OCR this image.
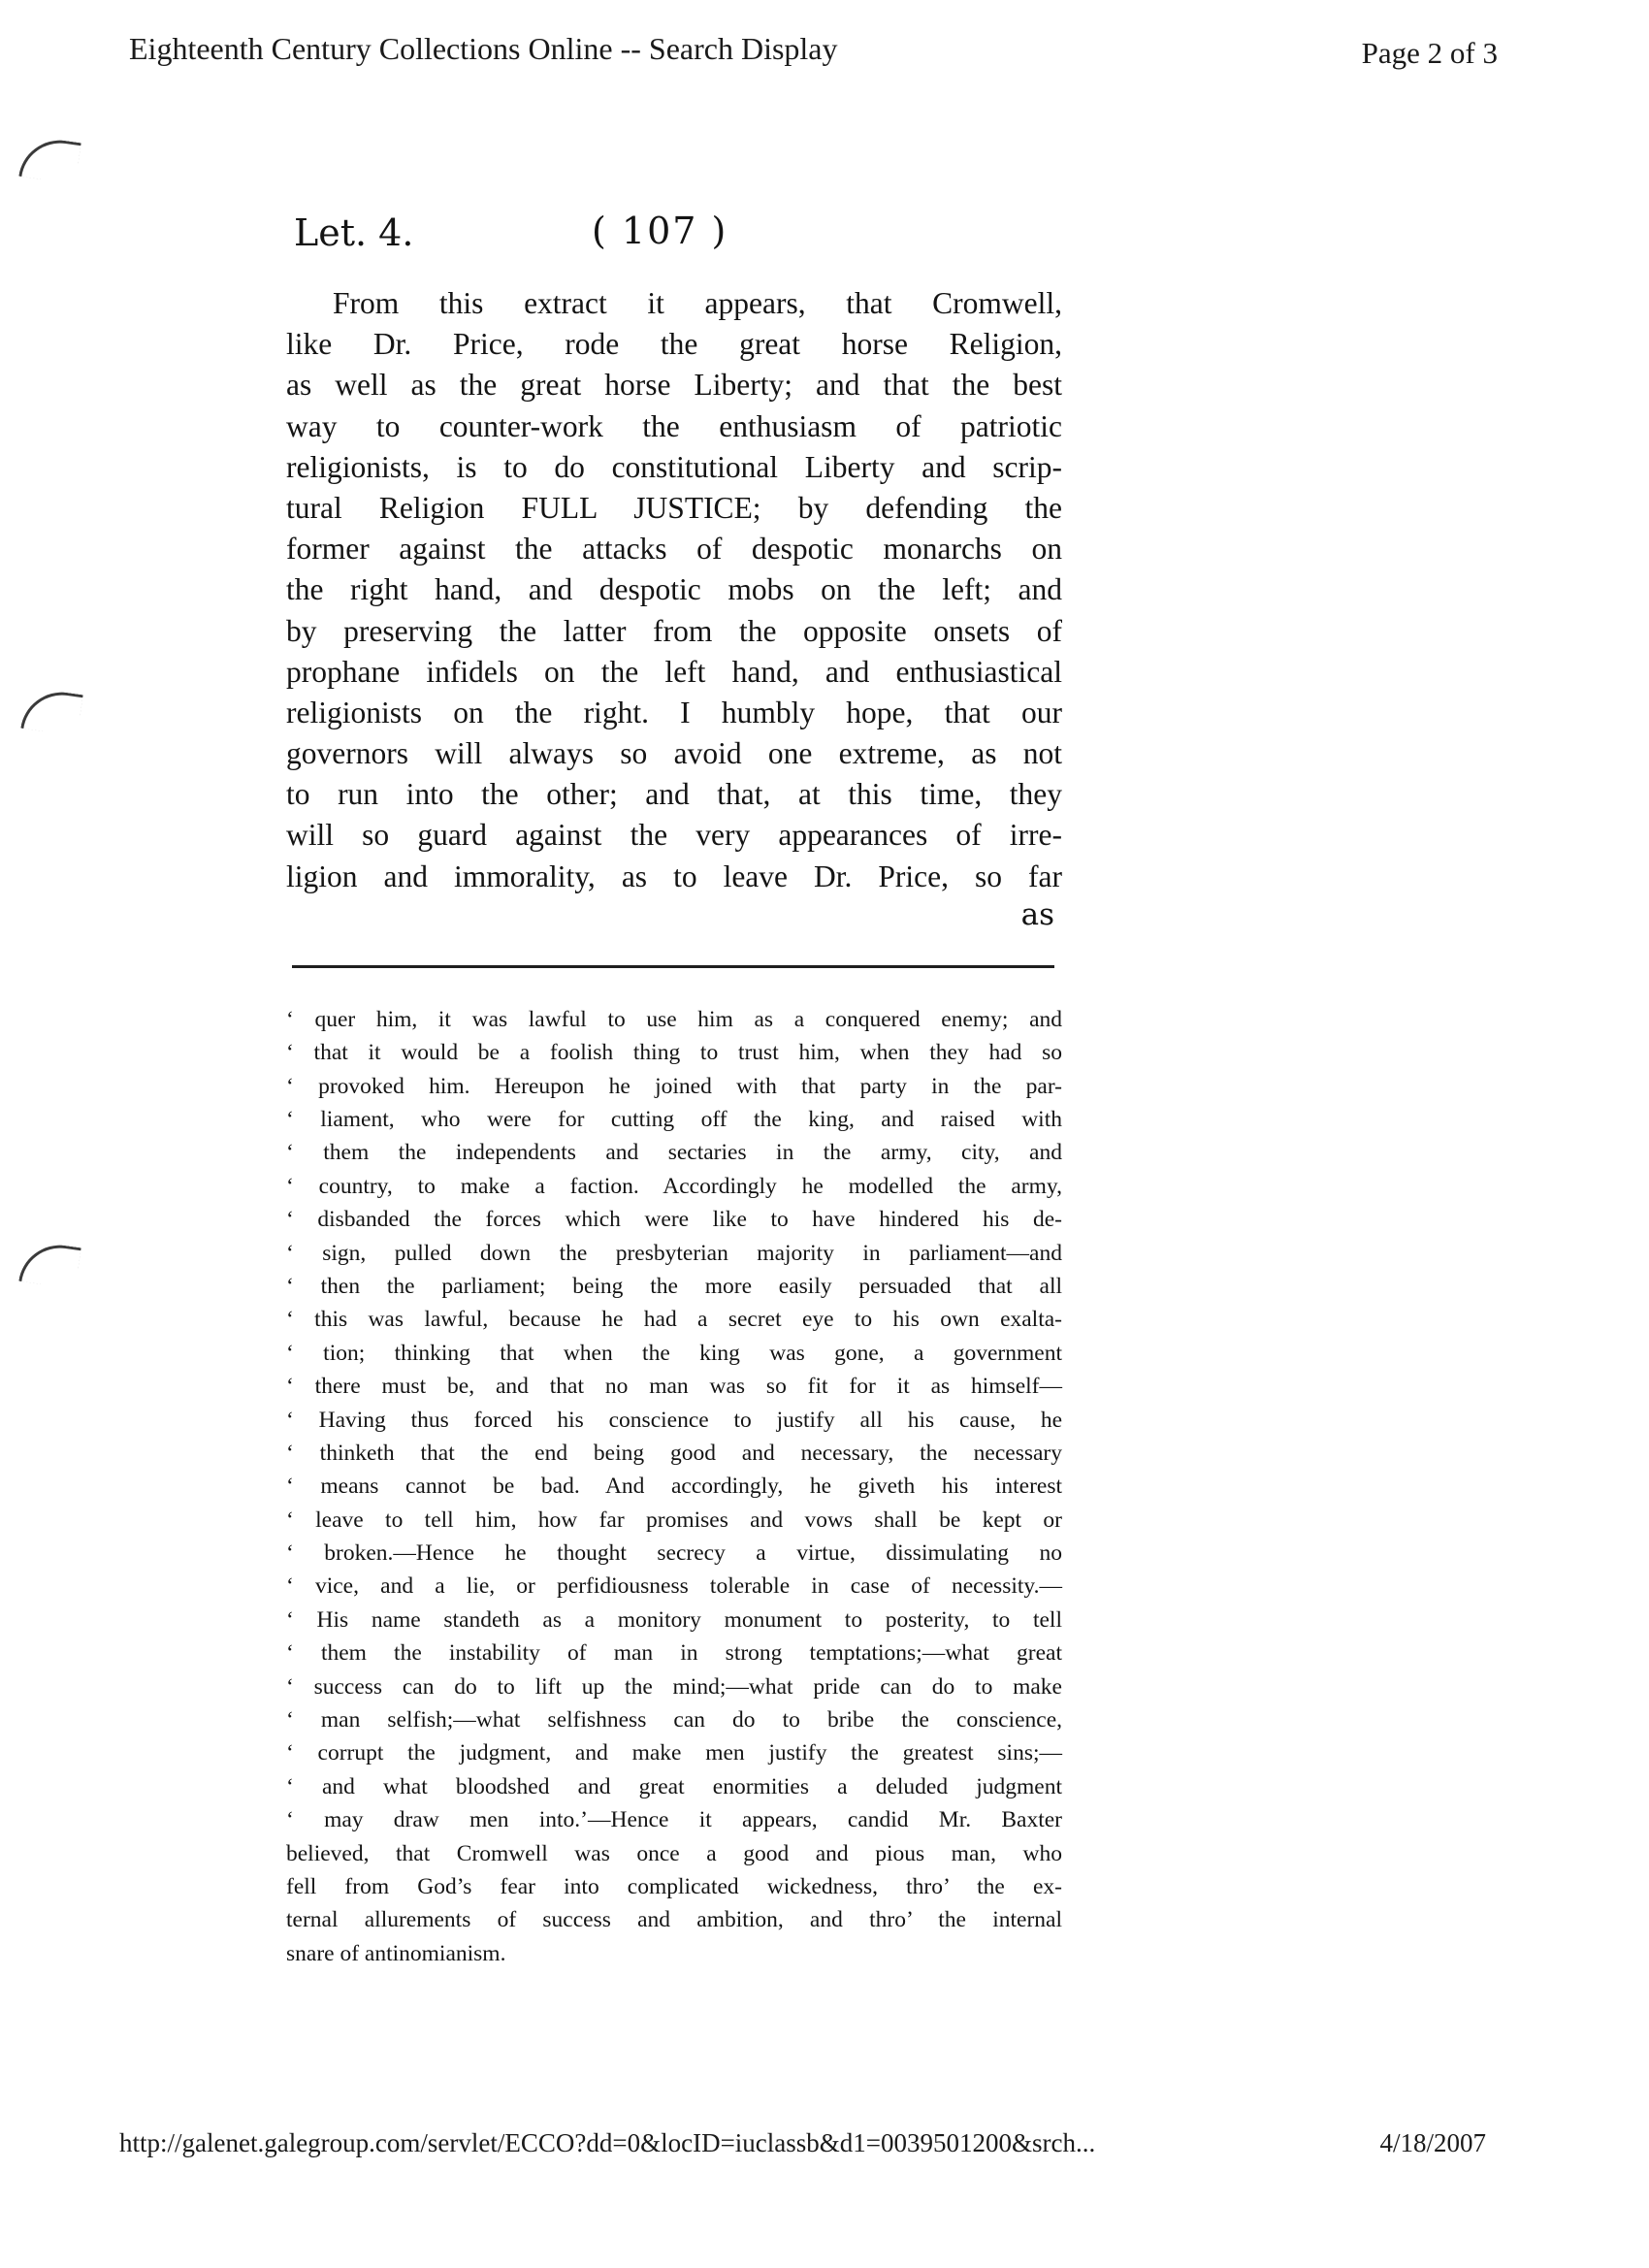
Eighteenth Century Collections Online -- Search Display	Page 2 of 3
Let. 4.	( 107 )
From this extract it appears, that Cromwell,
like Dr. Price, rode the great horse Religion,
as well as the great horse Liberty; and that the best
way to counter-work the enthusiasm of patriotic
religionists, is to do constitutional Liberty and scrip-
tural Religion FULL JUSTICE; by defending the
former against the attacks of despotic monarchs on
the right hand, and despotic mobs on the left; and
by preserving the latter from the opposite onsets of
prophane infidels on the left hand, and enthusiastical
religionists on the right. I humbly hope, that our
governors will always so avoid one extreme, as not
to run into the other; and that, at this time, they
will so guard against the very appearances of irre-
ligion and immorality, as to leave Dr. Price, so far
as
‘ quer him, it was lawful to use him as a conquered enemy; and
‘ that it would be a foolish thing to trust him, when they had so
‘ provoked him. Hereupon he joined with that party in the par-
‘ liament, who were for cutting off the king, and raised with
‘ them the independents and sectaries in the army, city, and
‘ country, to make a faction. Accordingly he modelled the army,
‘ disbanded the forces which were like to have hindered his de-
‘ sign, pulled down the presbyterian majority in parliament—and
‘ then the parliament; being the more easily persuaded that all
‘ this was lawful, because he had a secret eye to his own exalta-
‘ tion; thinking that when the king was gone, a government
‘ there must be, and that no man was so fit for it as himself—
‘ Having thus forced his conscience to justify all his cause, he
‘ thinketh that the end being good and necessary, the necessary
‘ means cannot be bad. And accordingly, he giveth his interest
‘ leave to tell him, how far promises and vows shall be kept or
‘ broken.—Hence he thought secrecy a virtue, dissimulating no
‘ vice, and a lie, or perfidiousness tolerable in case of necessity.—
‘ His name standeth as a monitory monument to posterity, to tell
‘ them the instability of man in strong temptations;—what great
‘ success can do to lift up the mind;—what pride can do to make
‘ man selfish;—what selfishness can do to bribe the conscience,
‘ corrupt the judgment, and make men justify the greatest sins;—
‘ and what bloodshed and great enormities a deluded judgment
‘ may draw men into.’—Hence it appears, candid Mr. Baxter
believed, that Cromwell was once a good and pious man, who
fell from God’s fear into complicated wickedness, thro’ the ex-
ternal allurements of success and ambition, and thro’ the internal
snare of antinomianism.
http://galenet.galegroup.com/servlet/ECCO?dd=0&locID=iuclassb&d1=0039501200&srch...	4/18/2007
